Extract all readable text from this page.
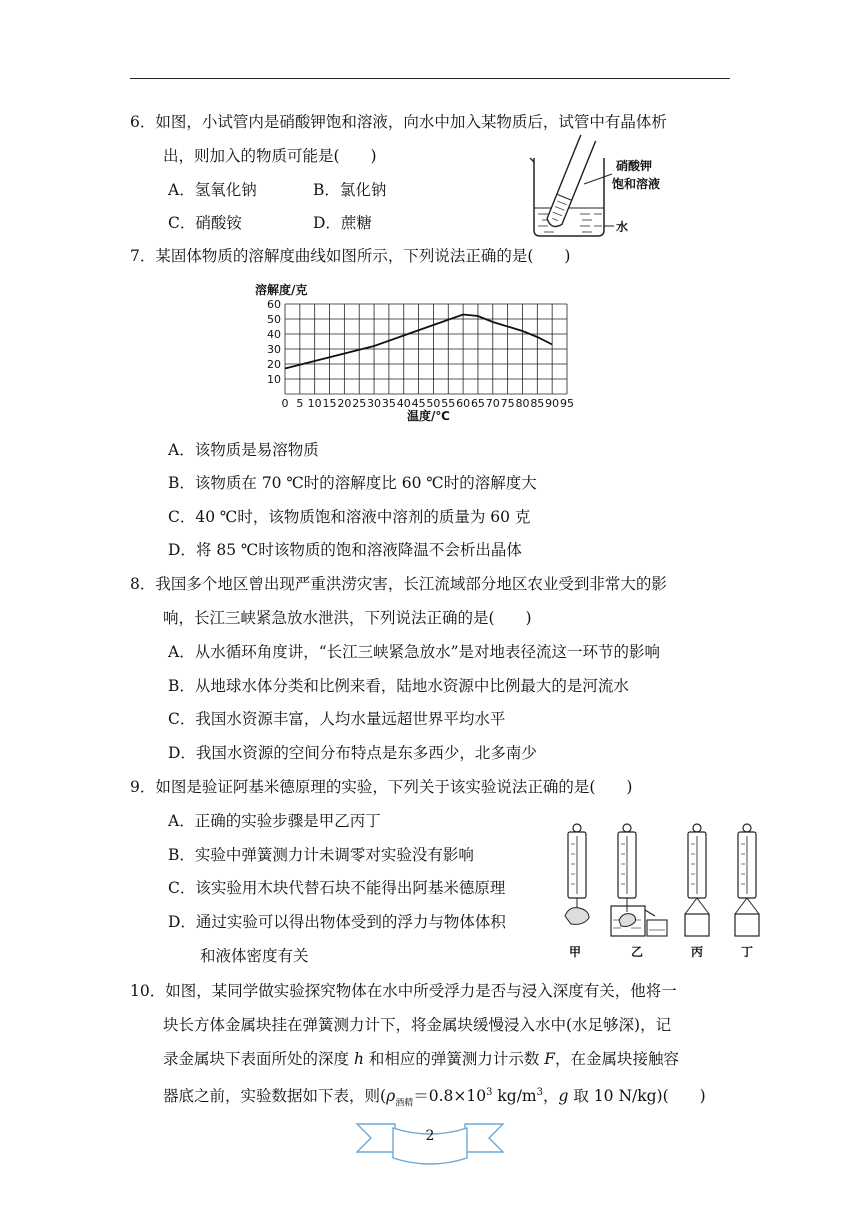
6．如图，小试管内是硝酸钾饱和溶液，向水中加入某物质后，试管中有晶体析
出，则加入的物质可能是(　　)
A．氢氧化钠	B．氯化钠
C．硝酸铵	D．蔗糖
硝酸钾
饱和溶液
水
7．某固体物质的溶解度曲线如图所示，下列说法正确的是(　　)
溶解度/克
10
20
30
40
50
60
0 5 10 15 20 25 30 35 40 45 50 55 60 65 70 75 80 85 90 95
温度/℃
A．该物质是易溶物质
B．该物质在 70 ℃时的溶解度比 60 ℃时的溶解度大
C．40 ℃时，该物质饱和溶液中溶剂的质量为 60 克
D．将 85 ℃时该物质的饱和溶液降温不会析出晶体
8．我国多个地区曾出现严重洪涝灾害，长江流域部分地区农业受到非常大的影
响，长江三峡紧急放水泄洪，下列说法正确的是(　　)
A．从水循环角度讲，“长江三峡紧急放水”是对地表径流这一环节的影响
B．从地球水体分类和比例来看，陆地水资源中比例最大的是河流水
C．我国水资源丰富，人均水量远超世界平均水平
D．我国水资源的空间分布特点是东多西少，北多南少
9．如图是验证阿基米德原理的实验，下列关于该实验说法正确的是(　　)
A．正确的实验步骤是甲乙丙丁
B．实验中弹簧测力计未调零对实验没有影响
C．该实验用木块代替石块不能得出阿基米德原理
D．通过实验可以得出物体受到的浮力与物体体积
和液体密度有关	甲	乙	丙	丁
10．如图，某同学做实验探究物体在水中所受浮力是否与浸入深度有关，他将一
块长方体金属块挂在弹簧测力计下，将金属块缓慢浸入水中(水足够深)，记
录金属块下表面所处的深度 h 和相应的弹簧测力计示数 F，在金属块接触容
器底之前，实验数据如下表，则($\rho_{酒精}=0.8\times 10^3$ $kg/m^3$，g 取 10 N/kg)(　　)
2
